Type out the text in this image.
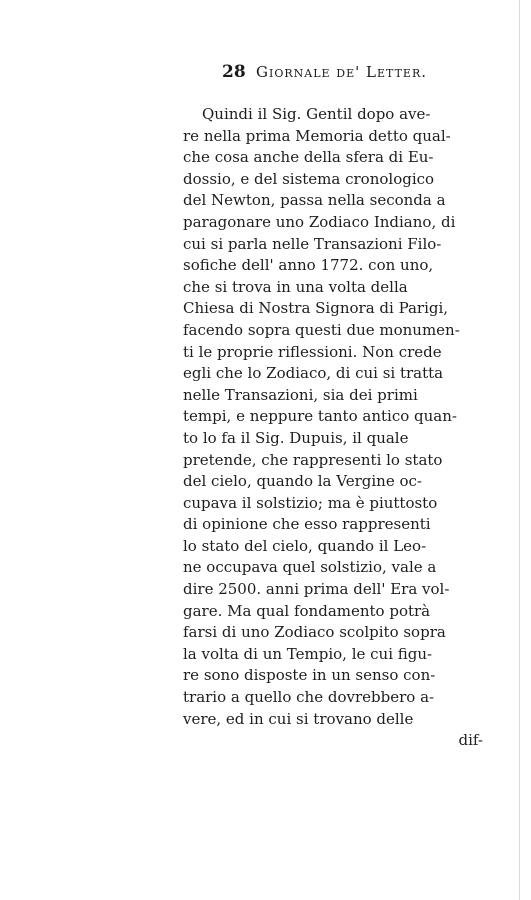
28 Giornale de' Letter.
Quindi il Sig. Gentil dopo ave-
re nella prima Memoria detto qual-
che cosa anche della sfera di Eu-
dossio, e del sistema cronologico
del Newton, passa nella seconda a
paragonare uno Zodiaco Indiano, di
cui si parla nelle Transazioni Filo-
sofiche dell' anno 1772. con uno,
che si trova in una volta della
Chiesa di Nostra Signora di Parigi,
facendo sopra questi due monumen-
ti le proprie riflessioni. Non crede
egli che lo Zodiaco, di cui si tratta
nelle Transazioni, sia dei primi
tempi, e neppure tanto antico quan-
to lo fa il Sig. Dupuis, il quale
pretende, che rappresenti lo stato
del cielo, quando la Vergine oc-
cupava il solstizio; ma è piuttosto
di opinione che esso rappresenti
lo stato del cielo, quando il Leo-
ne occupava quel solstizio, vale a
dire 2500. anni prima dell' Era vol-
gare. Ma qual fondamento potrà
farsi di uno Zodiaco scolpito sopra
la volta di un Tempio, le cui figu-
re sono disposte in un senso con-
trario a quello che dovrebbero a-
vere, ed in cui si trovano delle
dif-
